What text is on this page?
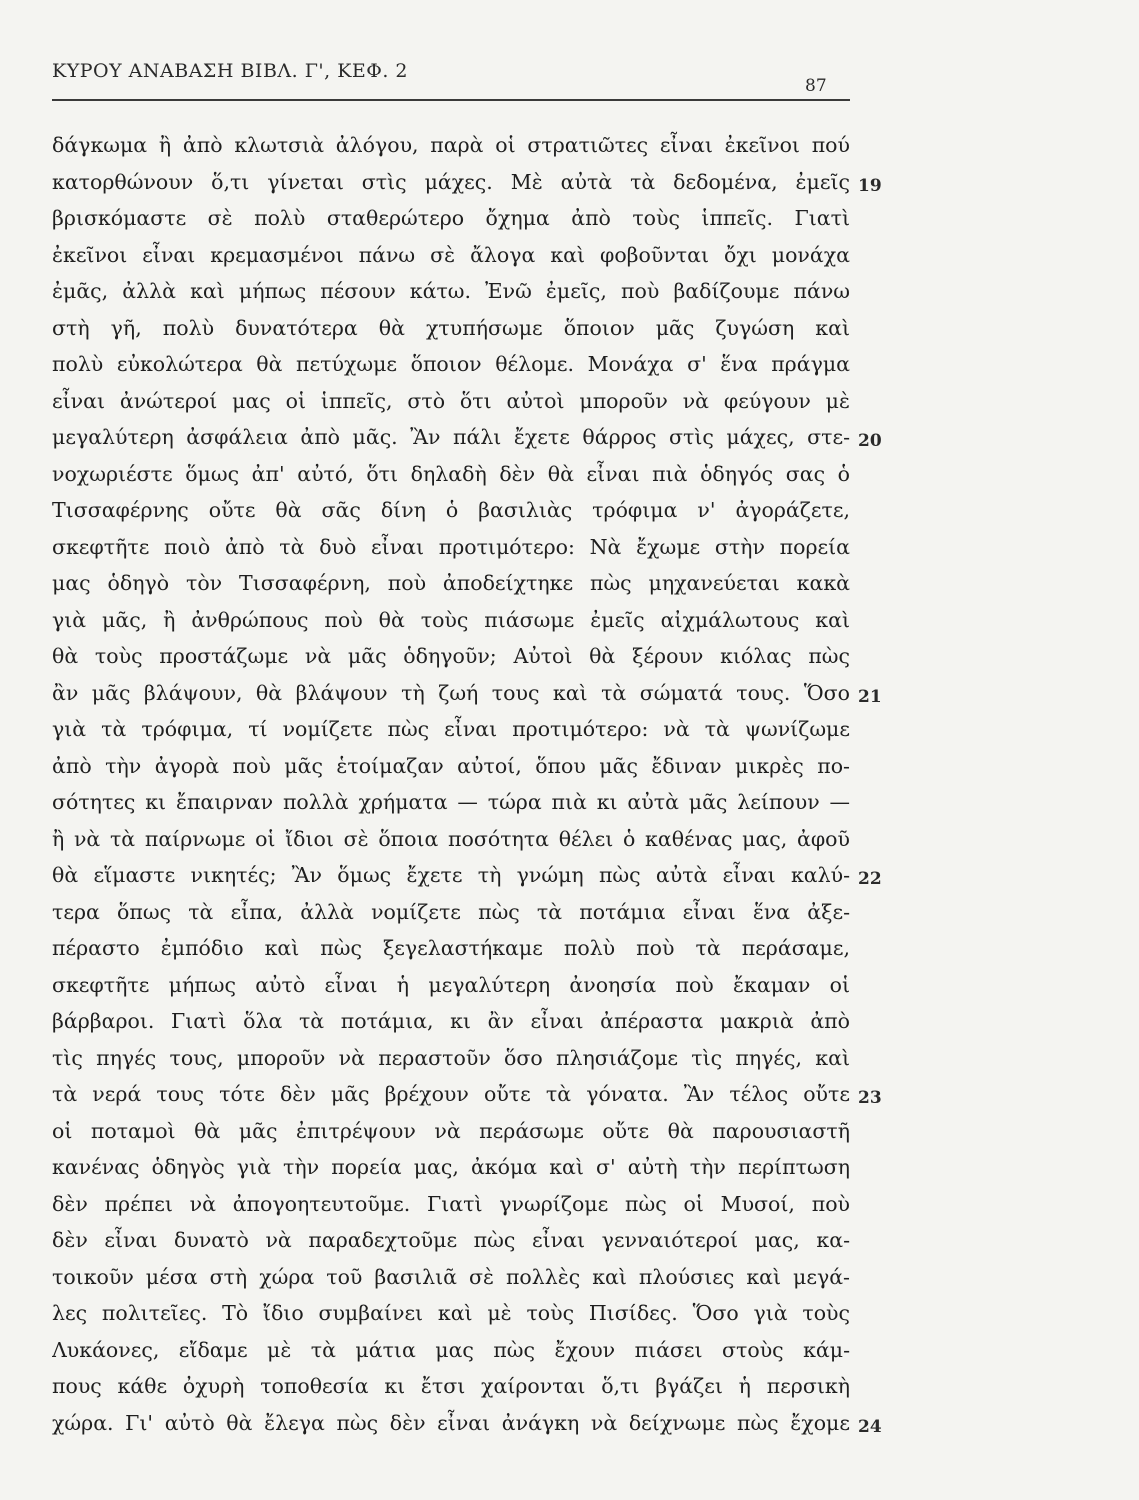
ΚΥΡΟΥ ΑΝΑΒΑΣΗ ΒΙΒΛ. Γ', ΚΕΦ. 2
87
δάγκωμα ἢ ἀπὸ κλωτσιὰ ἀλόγου, παρὰ οἱ στρατιῶτες εἶναι ἐκεῖνοι πού
κατορθώνουν ὅ,τι γίνεται στὶς μάχες. Μὲ αὐτὰ τὰ δεδομένα, ἐμεῖς
βρισκόμαστε σὲ πολὺ σταθερώτερο ὄχημα ἀπὸ τοὺς ἱππεῖς. Γιατὶ
ἐκεῖνοι εἶναι κρεμασμένοι πάνω σὲ ἄλογα καὶ φοβοῦνται ὄχι μονάχα
ἐμᾶς, ἀλλὰ καὶ μήπως πέσουν κάτω. Ἐνῶ ἐμεῖς, ποὺ βαδίζουμε πάνω
στὴ γῆ, πολὺ δυνατότερα θὰ χτυπήσωμε ὅποιον μᾶς ζυγώση καὶ
πολὺ εὐκολώτερα θὰ πετύχωμε ὅποιον θέλομε. Μονάχα σ' ἕνα πράγμα
εἶναι ἀνώτεροί μας οἱ ἱππεῖς, στὸ ὅτι αὐτοὶ μποροῦν νὰ φεύγουν μὲ
μεγαλύτερη ἀσφάλεια ἀπὸ μᾶς. Ἂν πάλι ἔχετε θάρρος στὶς μάχες, στε-
νοχωριέστε ὅμως ἀπ' αὐτό, ὅτι δηλαδὴ δὲν θὰ εἶναι πιὰ ὁδηγός σας ὁ
Τισσαφέρνης οὔτε θὰ σᾶς δίνη ὁ βασιλιὰς τρόφιμα ν' ἀγοράζετε,
σκεφτῆτε ποιὸ ἀπὸ τὰ δυὸ εἶναι προτιμότερο: Νὰ ἔχωμε στὴν πορεία
μας ὁδηγὸ τὸν Τισσαφέρνη, ποὺ ἀποδείχτηκε πὼς μηχανεύεται κακὰ
γιὰ μᾶς, ἢ ἀνθρώπους ποὺ θὰ τοὺς πιάσωμε ἐμεῖς αἰχμάλωτους καὶ
θὰ τοὺς προστάζωμε νὰ μᾶς ὁδηγοῦν; Αὐτοὶ θὰ ξέρουν κιόλας πὼς
ἂν μᾶς βλάψουν, θὰ βλάψουν τὴ ζωή τους καὶ τὰ σώματά τους. Ὅσο
γιὰ τὰ τρόφιμα, τί νομίζετε πὼς εἶναι προτιμότερο: νὰ τὰ ψωνίζωμε
ἀπὸ τὴν ἀγορὰ ποὺ μᾶς ἑτοίμαζαν αὐτοί, ὅπου μᾶς ἔδιναν μικρὲς πο-
σότητες κι ἔπαιρναν πολλὰ χρήματα — τώρα πιὰ κι αὐτὰ μᾶς λείπουν —
ἢ νὰ τὰ παίρνωμε οἱ ἴδιοι σὲ ὅποια ποσότητα θέλει ὁ καθένας μας, ἀφοῦ
θὰ εἵμαστε νικητές; Ἂν ὅμως ἔχετε τὴ γνώμη πὼς αὐτὰ εἶναι καλύ-
τερα ὅπως τὰ εἶπα, ἀλλὰ νομίζετε πὼς τὰ ποτάμια εἶναι ἕνα ἀξε-
πέραστο ἐμπόδιο καὶ πὼς ξεγελαστήκαμε πολὺ ποὺ τὰ περάσαμε,
σκεφτῆτε μήπως αὐτὸ εἶναι ἡ μεγαλύτερη ἀνοησία ποὺ ἔκαμαν οἱ
βάρβαροι. Γιατὶ ὅλα τὰ ποτάμια, κι ἂν εἶναι ἀπέραστα μακριὰ ἀπὸ
τὶς πηγές τους, μποροῦν νὰ περαστοῦν ὅσο πλησιάζομε τὶς πηγές, καὶ
τὰ νερά τους τότε δὲν μᾶς βρέχουν οὔτε τὰ γόνατα. Ἂν τέλος οὔτε
οἱ ποταμοὶ θὰ μᾶς ἐπιτρέψουν νὰ περάσωμε οὔτε θὰ παρουσιαστῆ
κανένας ὁδηγὸς γιὰ τὴν πορεία μας, ἀκόμα καὶ σ' αὐτὴ τὴν περίπτωση
δὲν πρέπει νὰ ἀπογοητευτοῦμε. Γιατὶ γνωρίζομε πὼς οἱ Μυσοί, ποὺ
δὲν εἶναι δυνατὸ νὰ παραδεχτοῦμε πὼς εἶναι γενναιότεροί μας, κα-
τοικοῦν μέσα στὴ χώρα τοῦ βασιλιᾶ σὲ πολλὲς καὶ πλούσιες καὶ μεγά-
λες πολιτεῖες. Τὸ ἴδιο συμβαίνει καὶ μὲ τοὺς Πισίδες. Ὅσο γιὰ τοὺς
Λυκάονες, εἴδαμε μὲ τὰ μάτια μας πὼς ἔχουν πιάσει στοὺς κάμ-
πους κάθε ὀχυρὴ τοποθεσία κι ἔτσι χαίρονται ὅ,τι βγάζει ἡ περσικὴ
χώρα. Γι' αὐτὸ θὰ ἔλεγα πὼς δὲν εἶναι ἀνάγκη νὰ δείχνωμε πὼς ἔχομε
19
20
21
22
23
24
